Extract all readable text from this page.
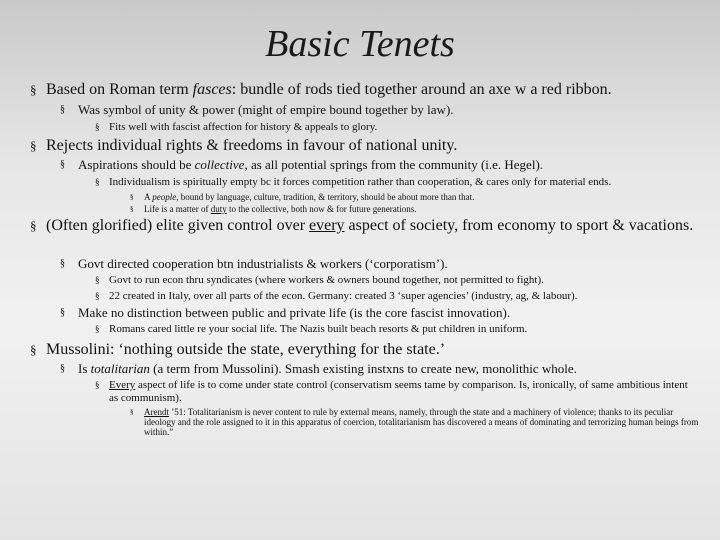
Basic Tenets
§ Based on Roman term fasces: bundle of rods tied together around an axe w a red ribbon.
§ Was symbol of unity & power (might of empire bound together by law).
§ Fits well with fascist affection for history & appeals to glory.
§ Rejects individual rights & freedoms in favour of national unity.
§ Aspirations should be collective, as all potential springs from the community (i.e. Hegel).
§ Individualism is spiritually empty bc it forces competition rather than cooperation, & cares only for material ends.
§ A people, bound by language, culture, tradition, & territory, should be about more than that.
§ Life is a matter of duty to the collective, both now & for future generations.
§ (Often glorified) elite given control over every aspect of society, from economy to sport & vacations.
§ Govt directed cooperation btn industrialists & workers (‘corporatism’).
§ Govt to run econ thru syndicates (where workers & owners bound together, not permitted to fight).
§ 22 created in Italy, over all parts of the econ. Germany: created 3 ‘super agencies’ (industry, ag, & labour).
§ Make no distinction between public and private life (is the core fascist innovation).
§ Romans cared little re your social life. The Nazis built beach resorts & put children in uniform.
§ Mussolini: ‘nothing outside the state, everything for the state.’
§ Is totalitarian (a term from Mussolini). Smash existing instxns to create new, monolithic whole.
§ Every aspect of life is to come under state control (conservatism seems tame by comparison. Is, ironically, of same ambitious intent as communism).
§ Arendt ’51: Totalitarianism is never content to rule by external means, namely, through the state and a machinery of violence; thanks to its peculiar ideology and the role assigned to it in this apparatus of coercion, totalitarianism has discovered a means of dominating and terrorizing human beings from within.”
